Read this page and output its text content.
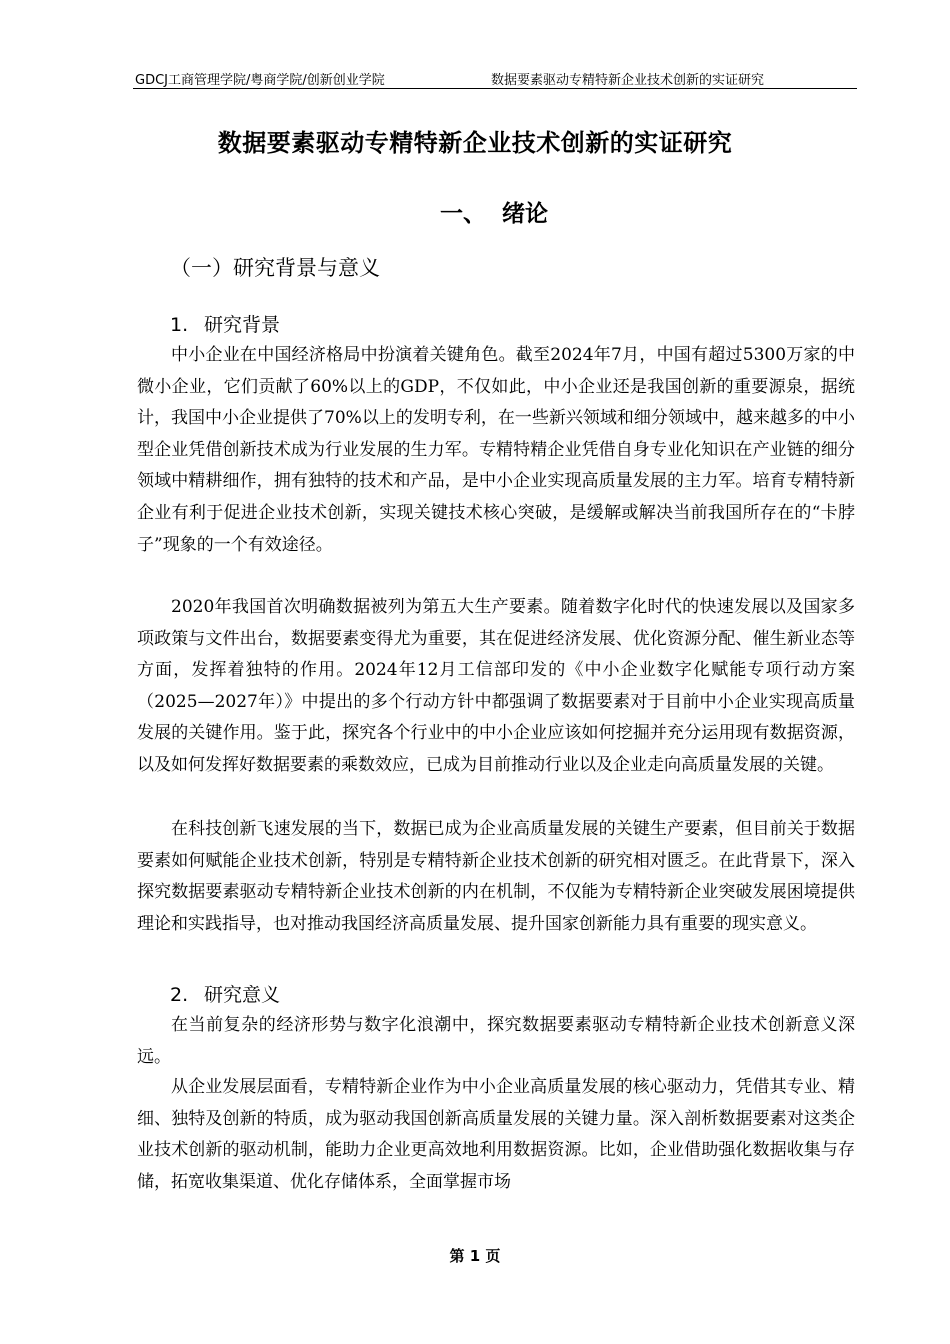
GDCJ工商管理学院/粤商学院/创新创业学院	数据要素驱动专精特新企业技术创新的实证研究
数据要素驱动专精特新企业技术创新的实证研究
一、  绪论
（一）研究背景与意义
1. 研究背景

中小企业在中国经济格局中扮演着关键角色。截至2024年7月，中国有超过5300万家的中微小企业，它们贡献了60%以上的GDP，不仅如此，中小企业还是我国创新的重要源泉，据统计，我国中小企业提供了70%以上的发明专利，在一些新兴领域和细分领域中，越来越多的中小型企业凭借创新技术成为行业发展的生力军。专精特精企业凭借自身专业化知识在产业链的细分领域中精耕细作，拥有独特的技术和产品，是中小企业实现高质量发展的主力军。培育专精特新企业有利于促进企业技术创新，实现关键技术核心突破，是缓解或解决当前我国所存在的“卡脖子”现象的一个有效途径。

2020年我国首次明确数据被列为第五大生产要素。随着数字化时代的快速发展以及国家多项政策与文件出台，数据要素变得尤为重要，其在促进经济发展、优化资源分配、催生新业态等方面，发挥着独特的作用。2024年12月工信部印发的《中小企业数字化赋能专项行动方案（2025—2027年）》中提出的多个行动方针中都强调了数据要素对于目前中小企业实现高质量发展的关键作用。鉴于此，探究各个行业中的中小企业应该如何挖掘并充分运用现有数据资源，以及如何发挥好数据要素的乘数效应，已成为目前推动行业以及企业走向高质量发展的关键。

在科技创新飞速发展的当下，数据已成为企业高质量发展的关键生产要素，但目前关于数据要素如何赋能企业技术创新，特别是专精特新企业技术创新的研究相对匮乏。在此背景下，深入探究数据要素驱动专精特新企业技术创新的内在机制，不仅能为专精特新企业突破发展困境提供理论和实践指导，也对推动我国经济高质量发展、提升国家创新能力具有重要的现实意义。

2. 研究意义

在当前复杂的经济形势与数字化浪潮中，探究数据要素驱动专精特新企业技术创新意义深远。

从企业发展层面看，专精特新企业作为中小企业高质量发展的核心驱动力，凭借其专业、精细、独特及创新的特质，成为驱动我国创新高质量发展的关键力量。深入剖析数据要素对这类企业技术创新的驱动机制，能助力企业更高效地利用数据资源。比如，企业借助强化数据收集与存储，拓宽收集渠道、优化存储体系，全面掌握市场

第 1 页
